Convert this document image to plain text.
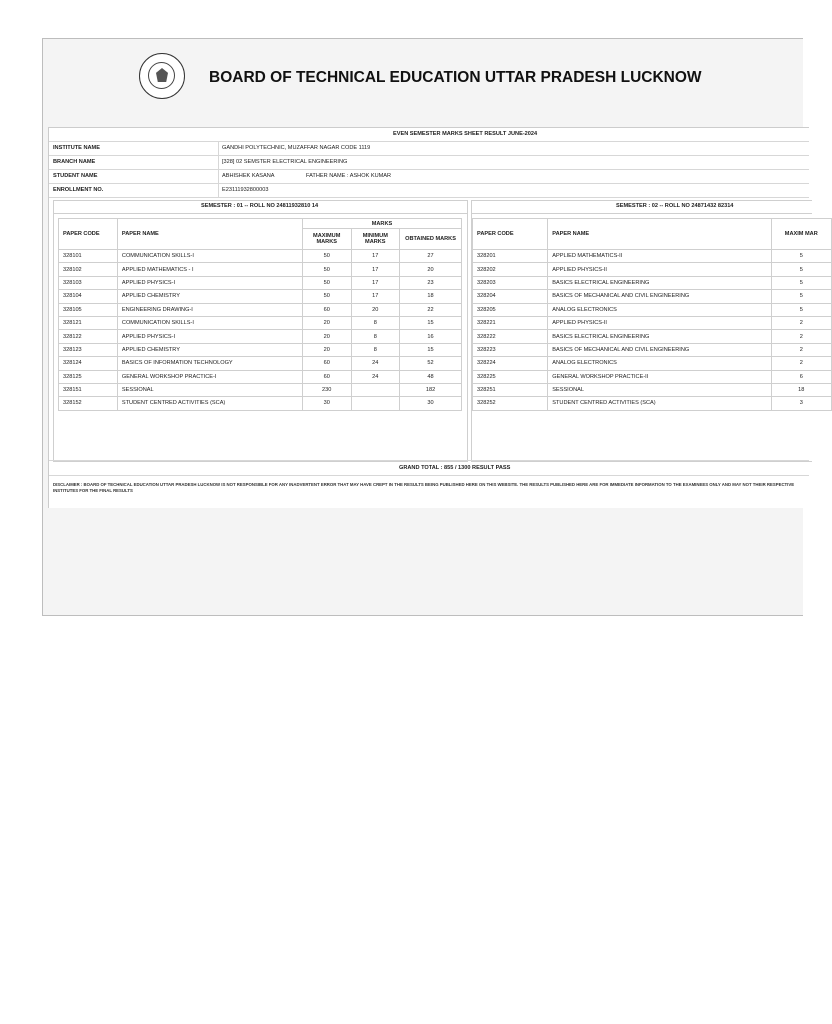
BOARD OF TECHNICAL EDUCATION UTTAR PRADESH LUCKNOW
EVEN SEMESTER MARKS SHEET RESULT JUNE-2024
INSTITUTE NAME	GANDHI POLYTECHNIC, MUZAFFAR NAGAR CODE 1119
BRANCH NAME	[328] 02 SEMSTER ELECTRICAL ENGINEERING
STUDENT NAME	ABHISHEK KASANA	FATHER NAME : ASHOK KUMAR
ENROLLMENT NO.	E23111932800003
SEMESTER : 01 -- ROLL NO 24811932810 14
PAPER CODE	PAPER NAME	MARKS		
		MAXIMUM MARKS	MINIMUM MARKS	OBTAINED MARKS
328101	COMMUNICATION SKILLS-I	50	17	27
328102	APPLIED MATHEMATICS - I	50	17	20
328103	APPLIED PHYSICS-I	50	17	23
328104	APPLIED CHEMISTRY	50	17	18
328105	ENGINEERING DRAWING-I	60	20	22
328121	COMMUNICATION SKILLS-I	20	8	15
328122	APPLIED PHYSICS-I	20	8	16
328123	APPLIED CHEMISTRY	20	8	15
328124	BASICS OF INFORMATION TECHNOLOGY	60	24	52
328125	GENERAL WORKSHOP PRACTICE-I	60	24	48
328151	SESSIONAL	230		182
328152	STUDENT CENTRED ACTIVITIES (SCA)	30		30
SEMESTER : 02 -- ROLL NO 24871432 82314
PAPER CODE	PAPER NAME	MAXIM MAR
328201	APPLIED MATHEMATICS-II	5
328202	APPLIED PHYSICS-II	5
328203	BASICS ELECTRICAL ENGINEERING	5
328204	BASICS OF MECHANICAL AND CIVIL ENGINEERING	5
328205	ANALOG ELECTRONICS	5
328221	APPLIED PHYSICS-II	2
328222	BASICS ELECTRICAL ENGINEERING	2
328223	BASICS OF MECHANICAL AND CIVIL ENGINEERING	2
328224	ANALOG ELECTRONICS	2
328225	GENERAL WORKSHOP PRACTICE-II	6
328251	SESSIONAL	18
328252	STUDENT CENTRED ACTIVITIES (SCA)	3
GRAND TOTAL : 855 / 1300 RESULT PASS
DISCLAIMER : BOARD OF TECHNICAL EDUCATION UTTAR PRADESH LUCKNOW IS NOT RESPONSIBLE FOR ANY INADVERTENT ERROR THAT MAY HAVE CREPT IN THE RESULTS BEING PUBLISHED HERE ON THIS WEBSITE. THE RESULTS PUBLISHED HERE ARE FOR IMMEDIATE INFORMATION TO THE EXAMINEES ONLY AND MAY NOT THEIR RESPECTIVE INSTITUTES FOR THE FINAL RESULTS
